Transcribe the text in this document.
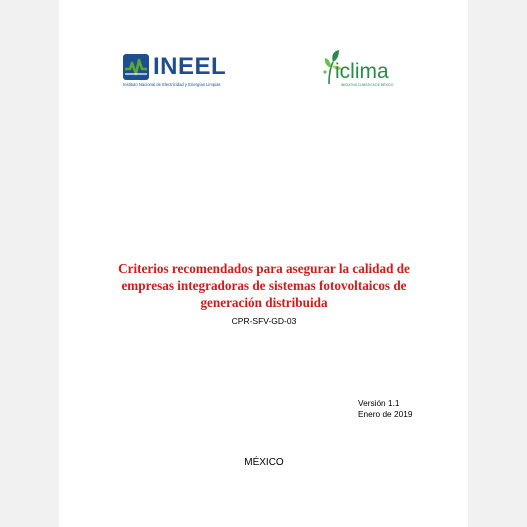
INEEL
Instituto Nacional de Electricidad y Energías Limpias
iclima
INICIATIVA CLIMÁTICA DE MÉXICO
Criterios recomendados para asegurar la calidad de empresas integradoras de sistemas fotovoltaicos de generación distribuida
CPR-SFV-GD-03
Versión 1.1
Enero de 2019
MÉXICO
